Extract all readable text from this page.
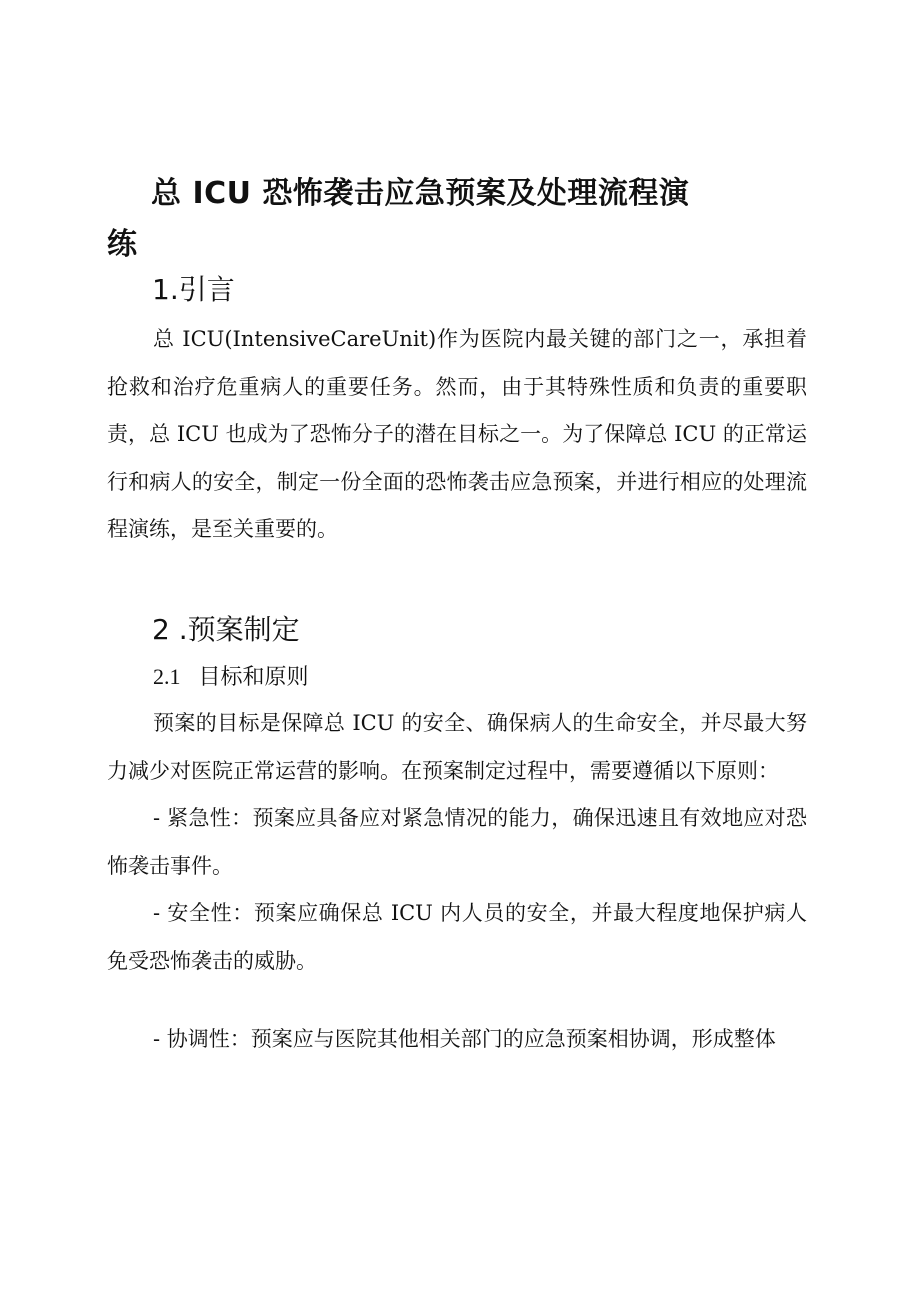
总 ICU 恐怖袭击应急预案及处理流程演
练
1.引言

总 ICU(IntensiveCareUnit)作为医院内最关键的部门之一，承担着抢救和治疗危重病人的重要任务。然而，由于其特殊性质和负责的重要职责，总 ICU 也成为了恐怖分子的潜在目标之一。为了保障总 ICU 的正常运行和病人的安全，制定一份全面的恐怖袭击应急预案，并进行相应的处理流程演练，是至关重要的。

2 .预案制定
2.1 目标和原则

预案的目标是保障总 ICU 的安全、确保病人的生命安全，并尽最大努力减少对医院正常运营的影响。在预案制定过程中，需要遵循以下原则：

- 紧急性：预案应具备应对紧急情况的能力，确保迅速且有效地应对恐怖袭击事件。

- 安全性：预案应确保总 ICU 内人员的安全，并最大程度地保护病人免受恐怖袭击的威胁。

- 协调性：预案应与医院其他相关部门的应急预案相协调，形成整体
